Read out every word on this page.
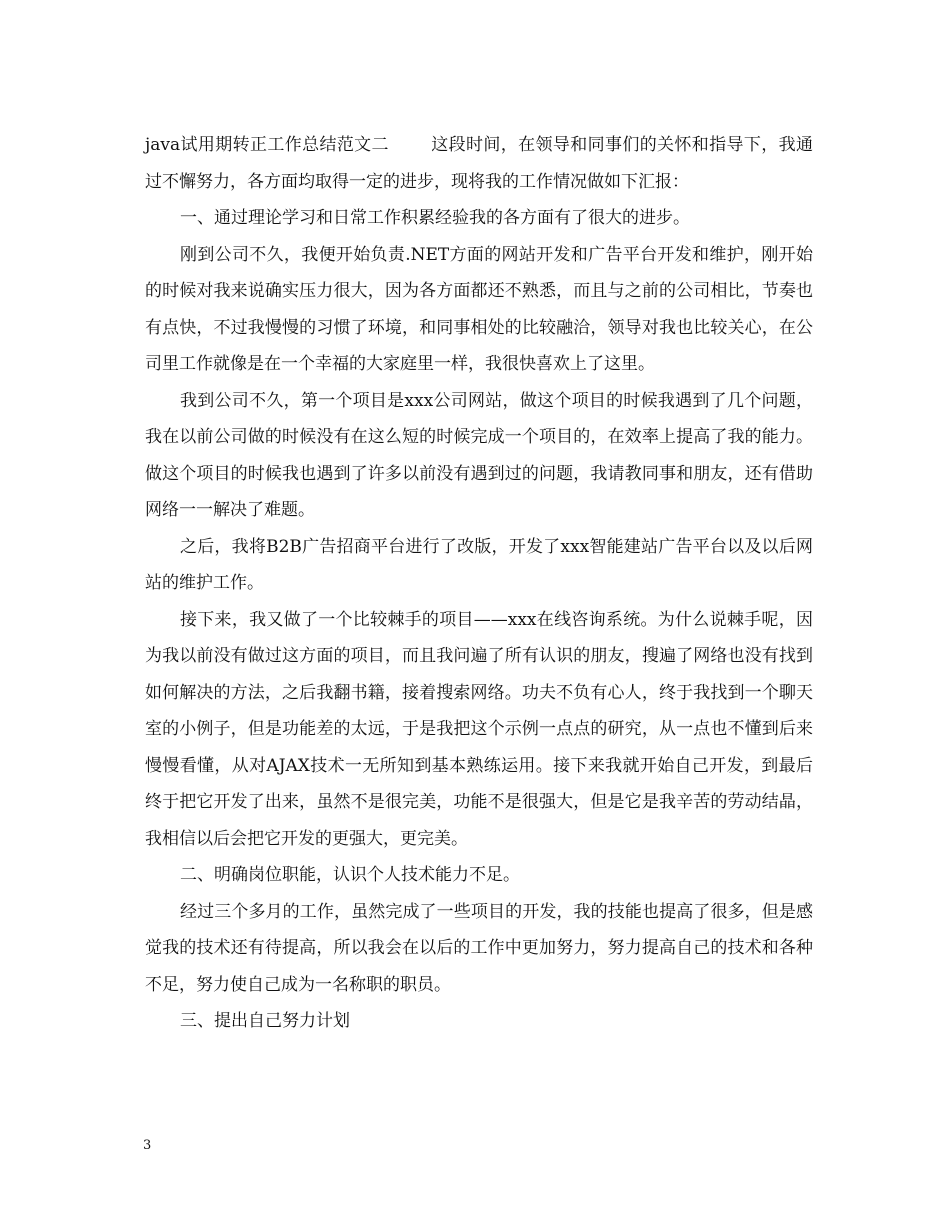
java试用期转正工作总结范文二 这段时间，在领导和同事们的关怀和指导下，我通过不懈努力，各方面均取得一定的进步，现将我的工作情况做如下汇报：

一、通过理论学习和日常工作积累经验我的各方面有了很大的进步。

刚到公司不久，我便开始负责.NET方面的网站开发和广告平台开发和维护，刚开始的时候对我来说确实压力很大，因为各方面都还不熟悉，而且与之前的公司相比，节奏也有点快，不过我慢慢的习惯了环境，和同事相处的比较融洽，领导对我也比较关心，在公司里工作就像是在一个幸福的大家庭里一样，我很快喜欢上了这里。

我到公司不久，第一个项目是xxx公司网站，做这个项目的时候我遇到了几个问题，我在以前公司做的时候没有在这么短的时候完成一个项目的，在效率上提高了我的能力。做这个项目的时候我也遇到了许多以前没有遇到过的问题，我请教同事和朋友，还有借助网络一一解决了难题。

之后，我将B2B广告招商平台进行了改版，开发了xxx智能建站广告平台以及以后网站的维护工作。

接下来，我又做了一个比较棘手的项目——xxx在线咨询系统。为什么说棘手呢，因为我以前没有做过这方面的项目，而且我问遍了所有认识的朋友，搜遍了网络也没有找到如何解决的方法，之后我翻书籍，接着搜索网络。功夫不负有心人，终于我找到一个聊天室的小例子，但是功能差的太远，于是我把这个示例一点点的研究，从一点也不懂到后来慢慢看懂，从对AJAX技术一无所知到基本熟练运用。接下来我就开始自己开发，到最后终于把它开发了出来，虽然不是很完美，功能不是很强大，但是它是我辛苦的劳动结晶，我相信以后会把它开发的更强大，更完美。

二、明确岗位职能，认识个人技术能力不足。

经过三个多月的工作，虽然完成了一些项目的开发，我的技能也提高了很多，但是感觉我的技术还有待提高，所以我会在以后的工作中更加努力，努力提高自己的技术和各种不足，努力使自己成为一名称职的职员。

三、提出自己努力计划

3
